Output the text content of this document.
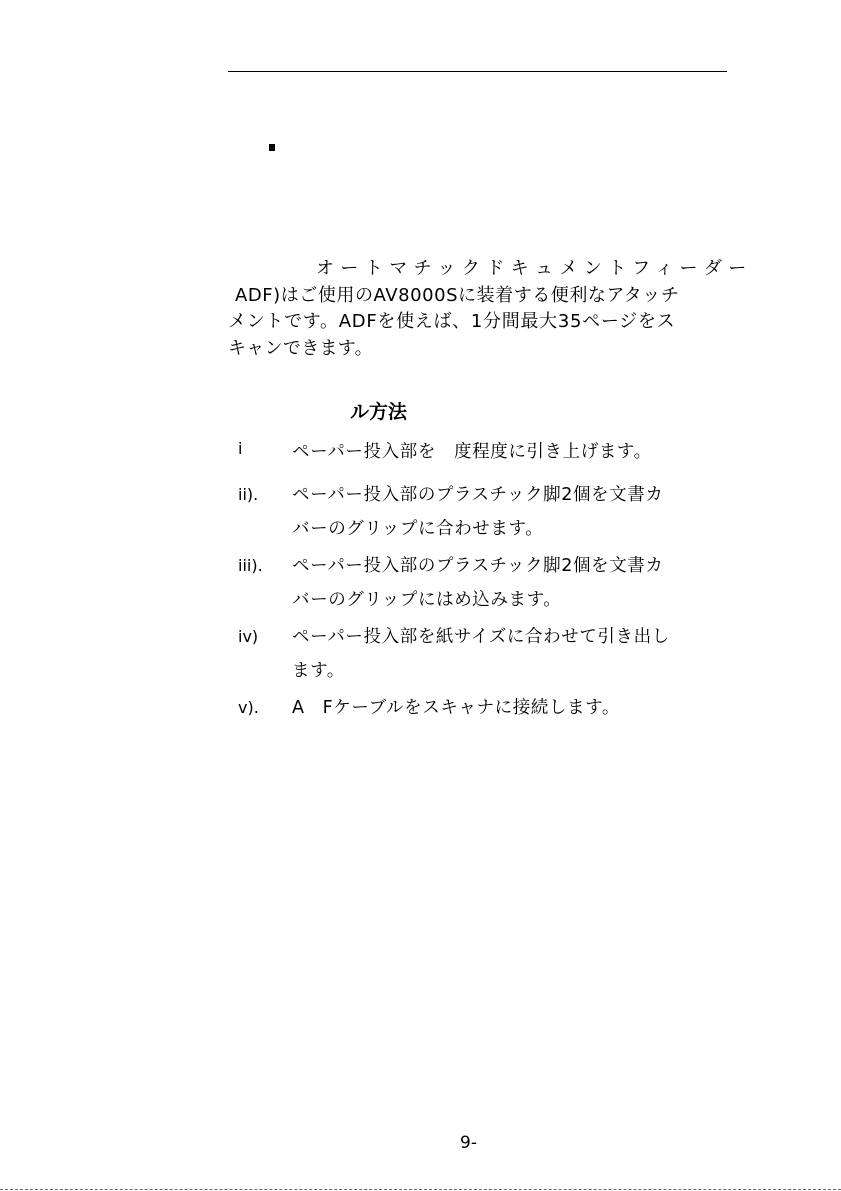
オートマチックドキュメントフィーダー
ADF)はご使用のAV8000Sに装着する便利なアタッチ
メントです。ADFを使えば、1分間最大35ページをス
キャンできます。
ル方法
i	ペーパー投入部を　度程度に引き上げます。
ii). ペーパー投入部のプラスチック脚2個を文書カ
バーのグリップに合わせます。
iii). ペーパー投入部のプラスチック脚2個を文書カ
バーのグリップにはめ込みます。
iv) ペーパー投入部を紙サイズに合わせて引き出し
ます。
v). A　Fケーブルをスキャナに接続します。
9-
